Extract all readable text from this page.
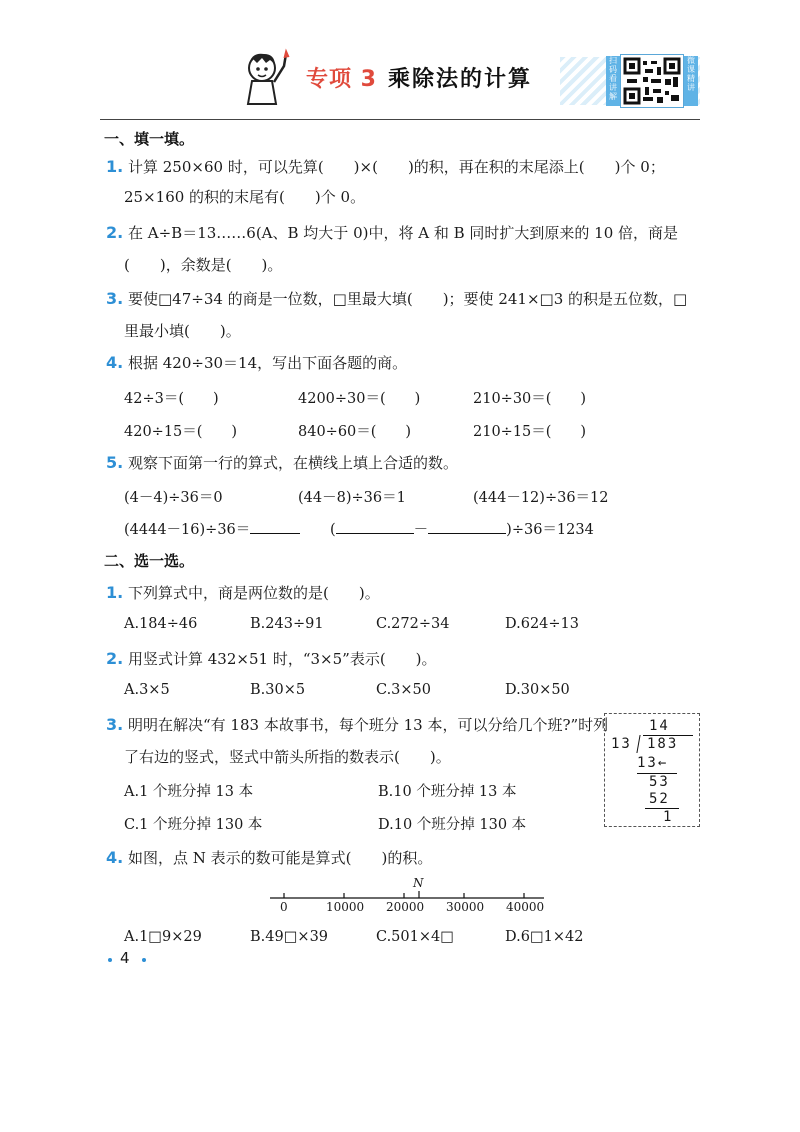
专项 3 乘除法的计算
扫码看讲解
微课精讲
一、填一填。
1. 计算 250×60 时，可以先算(　　)×(　　)的积，再在积的末尾添上(　　)个 0；
25×160 的积的末尾有(　　)个 0。
2. 在 A÷B＝13……6(A、B 均大于 0)中，将 A 和 B 同时扩大到原来的 10 倍，商是
(　　)，余数是(　　)。
3. 要使□47÷34 的商是一位数，□里最大填(　　)；要使 241×□3 的积是五位数，□
里最小填(　　)。
4. 根据 420÷30＝14，写出下面各题的商。
42÷3＝(　　)	4200÷30＝(　　)	210÷30＝(　　)
420÷15＝(　　)	840÷60＝(　　)	210÷15＝(　　)
5. 观察下面第一行的算式，在横线上填上合适的数。
(4－4)÷36＝0	(44－8)÷36＝1	(444－12)÷36＝12
(4444－16)÷36＝	(	－	)÷36＝1234
二、选一选。
1. 下列算式中，商是两位数的是(　　)。
A.184÷46	B.243÷91	C.272÷34	D.624÷13
2. 用竖式计算 432×51 时，“3×5”表示(　　)。
A.3×5	B.30×5	C.3×50	D.30×50
3. 明明在解决“有 183 本故事书，每个班分 13 本，可以分给几个班?”时列
了右边的竖式，竖式中箭头所指的数表示(　　)。
A.1 个班分掉 13 本	B.10 个班分掉 13 本
C.1 个班分掉 130 本	D.10 个班分掉 130 本
14
13 183
13←
53
52
1
4. 如图，点 N 表示的数可能是算式(　　)的积。
N
0	10000 20000 30000 40000
A.1□9×29	B.49□×39	C.501×4□	D.6□1×42
4
